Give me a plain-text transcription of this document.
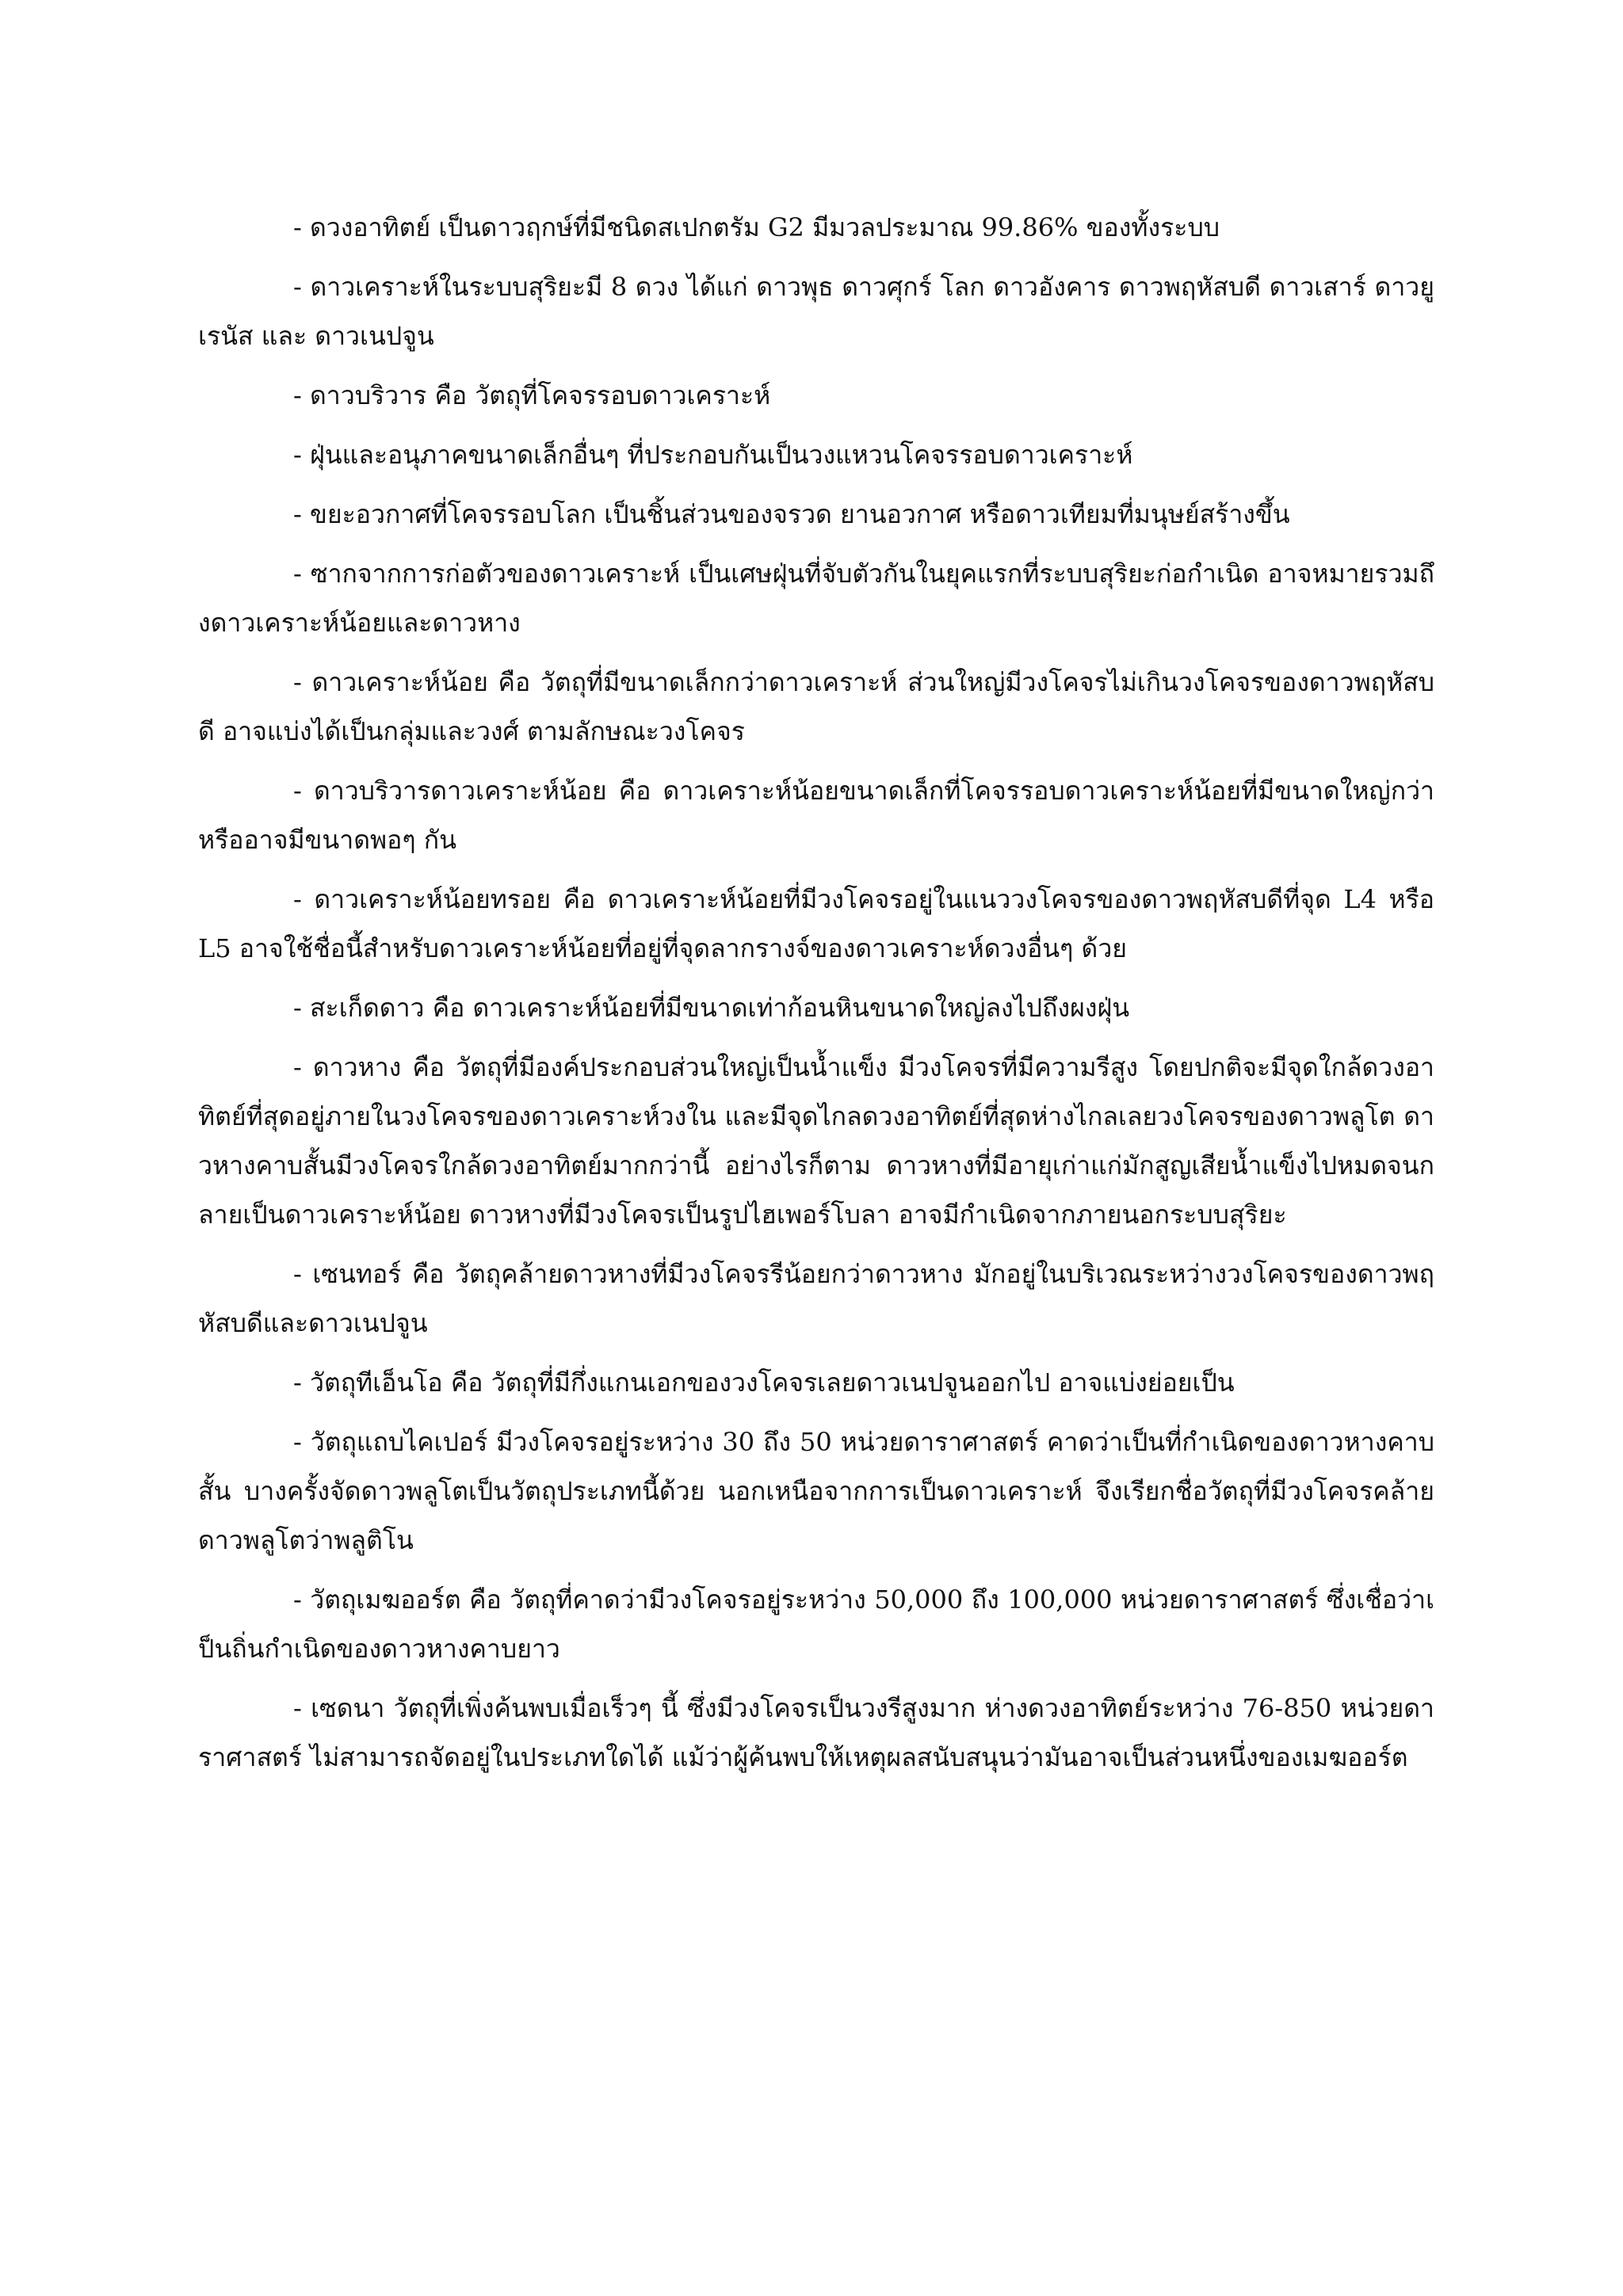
- ดวงอาทิตย์ เป็นดาวฤกษ์ที่มีชนิดสเปกตรัม G2 มีมวลประมาณ 99.86% ของทั้งระบบ

- ดาวเคราะห์ในระบบสุริยะมี 8 ดวง ได้แก่ ดาวพุธ ดาวศุกร์ โลก ดาวอังคาร ดาวพฤหัสบดี ดาวเสาร์ ดาวยูเรนัส และ ดาวเนปจูน

- ดาวบริวาร คือ วัตถุที่โคจรรอบดาวเคราะห์

- ฝุ่นและอนุภาคขนาดเล็กอื่นๆ ที่ประกอบกันเป็นวงแหวนโคจรรอบดาวเคราะห์

- ขยะอวกาศที่โคจรรอบโลก เป็นชิ้นส่วนของจรวด ยานอวกาศ หรือดาวเทียมที่มนุษย์สร้างขึ้น

- ซากจากการก่อตัวของดาวเคราะห์ เป็นเศษฝุ่นที่จับตัวกันในยุคแรกที่ระบบสุริยะก่อกำเนิด อาจหมายรวมถึงดาวเคราะห์น้อยและดาวหาง

- ดาวเคราะห์น้อย คือ วัตถุที่มีขนาดเล็กกว่าดาวเคราะห์ ส่วนใหญ่มีวงโคจรไม่เกินวงโคจรของดาวพฤหัสบดี อาจแบ่งได้เป็นกลุ่มและวงศ์ ตามลักษณะวงโคจร

- ดาวบริวารดาวเคราะห์น้อย คือ ดาวเคราะห์น้อยขนาดเล็กที่โคจรรอบดาวเคราะห์น้อยที่มีขนาดใหญ่กว่าหรืออาจมีขนาดพอๆ กัน

- ดาวเคราะห์น้อยทรอย คือ ดาวเคราะห์น้อยที่มีวงโคจรอยู่ในแนววงโคจรของดาวพฤหัสบดีที่จุด L4 หรือ L5 อาจใช้ชื่อนี้สำหรับดาวเคราะห์น้อยที่อยู่ที่จุดลากรางจ์ของดาวเคราะห์ดวงอื่นๆ ด้วย

- สะเก็ดดาว คือ ดาวเคราะห์น้อยที่มีขนาดเท่าก้อนหินขนาดใหญ่ลงไปถึงผงฝุ่น

- ดาวหาง คือ วัตถุที่มีองค์ประกอบส่วนใหญ่เป็นน้ำแข็ง มีวงโคจรที่มีความรีสูง โดยปกติจะมีจุดใกล้ดวงอาทิตย์ที่สุดอยู่ภายในวงโคจรของดาวเคราะห์วงใน และมีจุดไกลดวงอาทิตย์ที่สุดห่างไกลเลยวงโคจรของดาวพลูโต ดาวหางคาบสั้นมีวงโคจรใกล้ดวงอาทิตย์มากกว่านี้ อย่างไรก็ตาม ดาวหางที่มีอายุเก่าแก่มักสูญเสียน้ำแข็งไปหมดจนกลายเป็นดาวเคราะห์น้อย ดาวหางที่มีวงโคจรเป็นรูปไฮเพอร์โบลา อาจมีกำเนิดจากภายนอกระบบสุริยะ

- เซนทอร์ คือ วัตถุคล้ายดาวหางที่มีวงโคจรรีน้อยกว่าดาวหาง มักอยู่ในบริเวณระหว่างวงโคจรของดาวพฤหัสบดีและดาวเนปจูน

- วัตถุทีเอ็นโอ คือ วัตถุที่มีกึ่งแกนเอกของวงโคจรเลยดาวเนปจูนออกไป อาจแบ่งย่อยเป็น

- วัตถุแถบไคเปอร์ มีวงโคจรอยู่ระหว่าง 30 ถึง 50 หน่วยดาราศาสตร์ คาดว่าเป็นที่กำเนิดของดาวหางคาบสั้น บางครั้งจัดดาวพลูโตเป็นวัตถุประเภทนี้ด้วย นอกเหนือจากการเป็นดาวเคราะห์ จึงเรียกชื่อวัตถุที่มีวงโคจรคล้ายดาวพลูโตว่าพลูติโน

- วัตถุเมฆออร์ต คือ วัตถุที่คาดว่ามีวงโคจรอยู่ระหว่าง 50,000 ถึง 100,000 หน่วยดาราศาสตร์ ซึ่งเชื่อว่าเป็นถิ่นกำเนิดของดาวหางคาบยาว

- เซดนา วัตถุที่เพิ่งค้นพบเมื่อเร็วๆ นี้ ซึ่งมีวงโคจรเป็นวงรีสูงมาก ห่างดวงอาทิตย์ระหว่าง 76-850 หน่วยดาราศาสตร์ ไม่สามารถจัดอยู่ในประเภทใดได้ แม้ว่าผู้ค้นพบให้เหตุผลสนับสนุนว่ามันอาจเป็นส่วนหนึ่งของเมฆออร์ต
